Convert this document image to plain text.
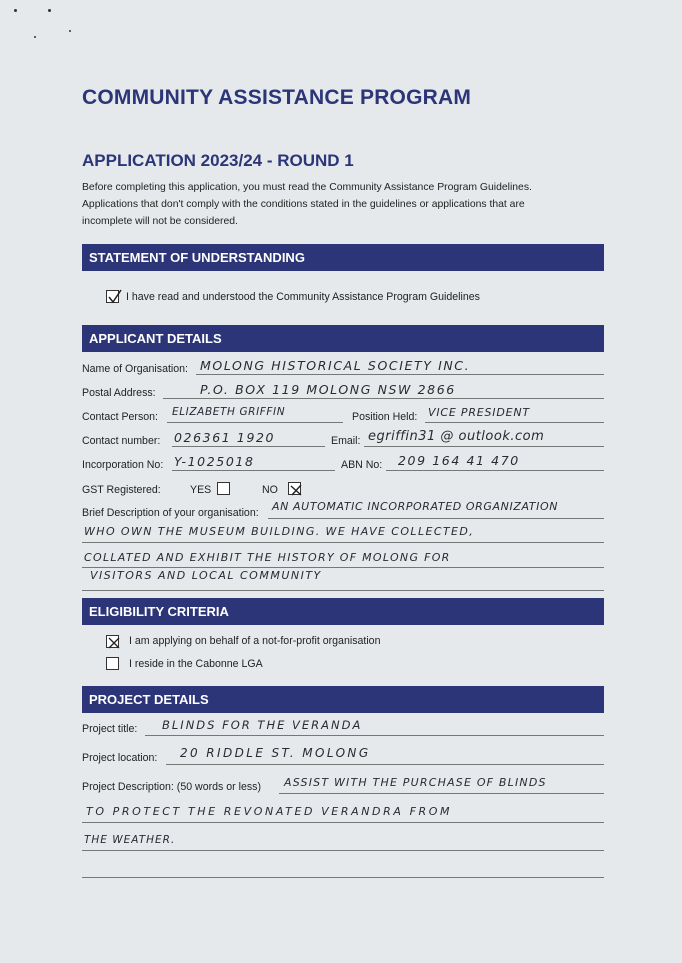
COMMUNITY ASSISTANCE PROGRAM
APPLICATION 2023/24 - ROUND 1
Before completing this application, you must read the Community Assistance Program Guidelines.
Applications that don't comply with the conditions stated in the guidelines or applications that are
incomplete will not be considered.
STATEMENT OF UNDERSTANDING
I have read and understood the Community Assistance Program Guidelines
APPLICANT DETAILS
Name of Organisation: MOLONG HISTORICAL SOCIETY INC.
Postal Address:	P.O. BOX 119 MOLONG NSW 2866
Contact Person: ELIZABETH GRIFFIN	Position Held: VICE PRESIDENT
Contact number: 026361 1920	Email: egriffin31 @ outlook.com
Incorporation No: Y-1025018	ABN No: 209 164 41 470
GST Registered:	YES	NO
Brief Description of your organisation: AN AUTOMATIC INCORPORATED ORGANIZATION
WHO OWN THE MUSEUM BUILDING. WE HAVE COLLECTED,
COLLATED AND EXHIBIT THE HISTORY OF MOLONG FOR
VISITORS AND LOCAL COMMUNITY
ELIGIBILITY CRITERIA
I am applying on behalf of a not-for-profit organisation
I reside in the Cabonne LGA
PROJECT DETAILS
Project title: BLINDS FOR THE VERANDA
Project location: 20 RIDDLE ST. MOLONG
Project Description: (50 words or less) ASSIST WITH THE PURCHASE OF BLINDS
TO PROTECT THE REVONATED VERANDRA FROM
THE WEATHER.
